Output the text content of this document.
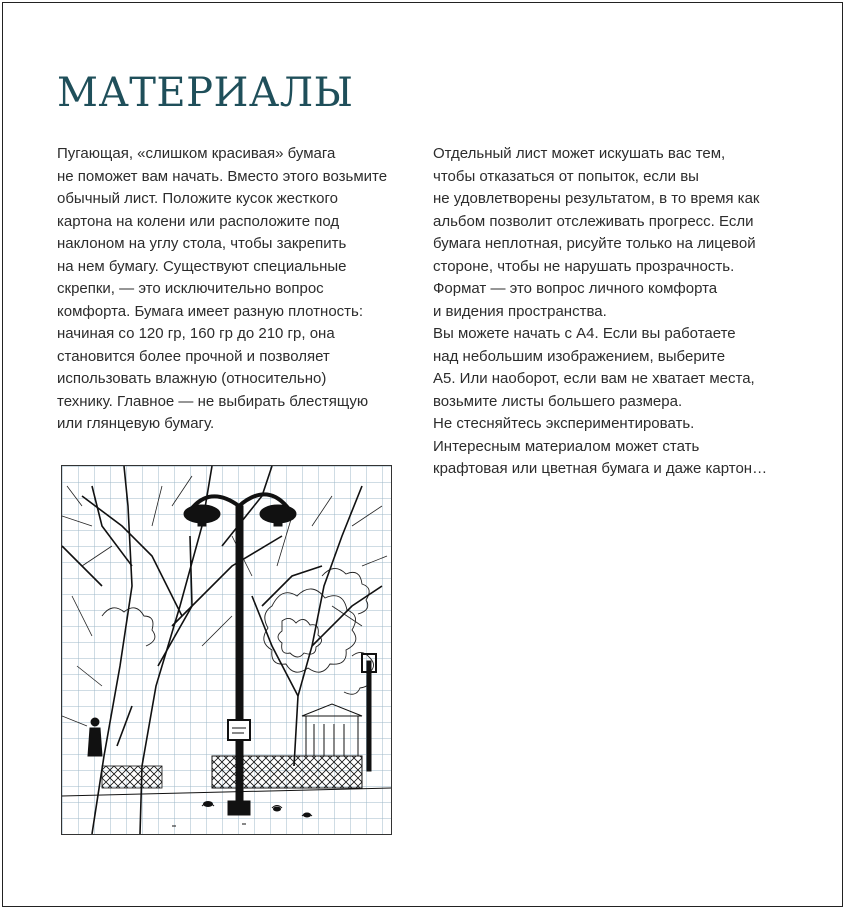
МАТЕРИАЛЫ
Пугающая, «слишком красивая» бумага
не поможет вам начать. Вместо этого возьмите
обычный лист. Положите кусок жесткого
картона на колени или расположите под
наклоном на углу стола, чтобы закрепить
на нем бумагу. Существуют специальные
скрепки, — это исключительно вопрос
комфорта. Бумага имеет разную плотность:
начиная со 120 гр, 160 гр до 210 гр, она
становится более прочной и позволяет
использовать влажную (относительно)
технику. Главное — не выбирать блестящую
или глянцевую бумагу.
Отдельный лист может искушать вас тем,
чтобы отказаться от попыток, если вы
не удовлетворены результатом, в то время как
альбом позволит отслеживать прогресс. Если
бумага неплотная, рисуйте только на лицевой
стороне, чтобы не нарушать прозрачность.
Формат — это вопрос личного комфорта
и видения пространства.
Вы можете начать с А4. Если вы работаете
над небольшим изображением, выберите
А5. Или наоборот, если вам не хватает места,
возьмите листы большего размера.
Не стесняйтесь экспериментировать.
Интересным материалом может стать
крафтовая или цветная бумага и даже картон…
